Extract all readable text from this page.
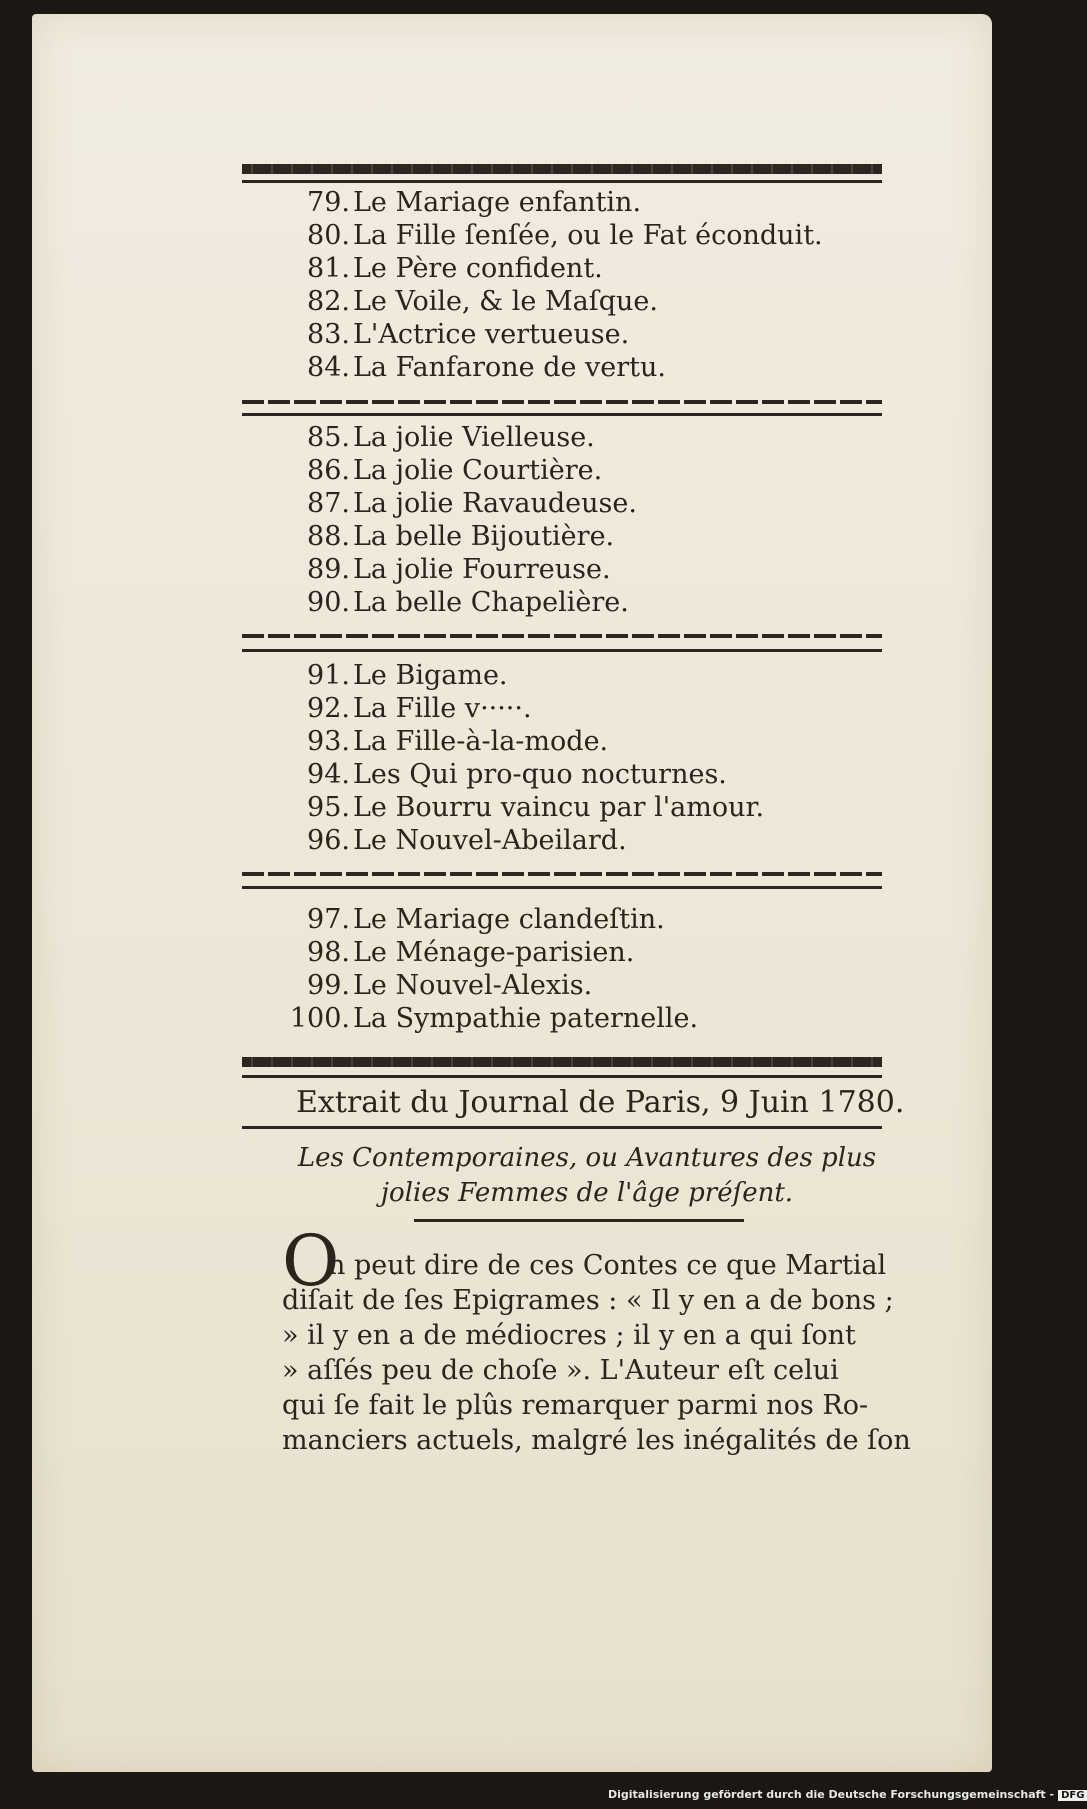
79. Le Mariage enfantin.
80. La Fille ſenſée, ou le Fat éconduit.
81. Le Père confident.
82. Le Voile, & le Maſque.
83. L'Actrice vertueuse.
84. La Fanfarone de vertu.
85. La jolie Vielleuse.
86. La jolie Courtière.
87. La jolie Ravaudeuse.
88. La belle Bijoutière.
89. La jolie Fourreuse.
90. La belle Chapelière.
91. Le Bigame.
92. La Fille v·····.
93. La Fille-à-la-mode.
94. Les Qui pro-quo nocturnes.
95. Le Bourru vaincu par l'amour.
96. Le Nouvel-Abeilard.
97. Le Mariage clandeſtin.
98. Le Ménage-parisien.
99. Le Nouvel-Alexis.
100. La Sympathie paternelle.
Extrait du Journal de Paris, 9 Juin 1780.
Les Contemporaines, ou Avantures des plus
jolies Femmes de l'âge préſent.
O
n peut dire de ces Contes ce que Martial
diſait de ſes Epigrames : « Il y en a de bons ;
» il y en a de médiocres ; il y en a qui ſont
» aſſés peu de choſe ». L'Auteur eſt celui
qui ſe fait le plûs remarquer parmi nos Ro-
manciers actuels, malgré les inégalités de ſon
Digitalisierung gefördert durch die Deutsche Forschungsgemeinschaft - DFG
